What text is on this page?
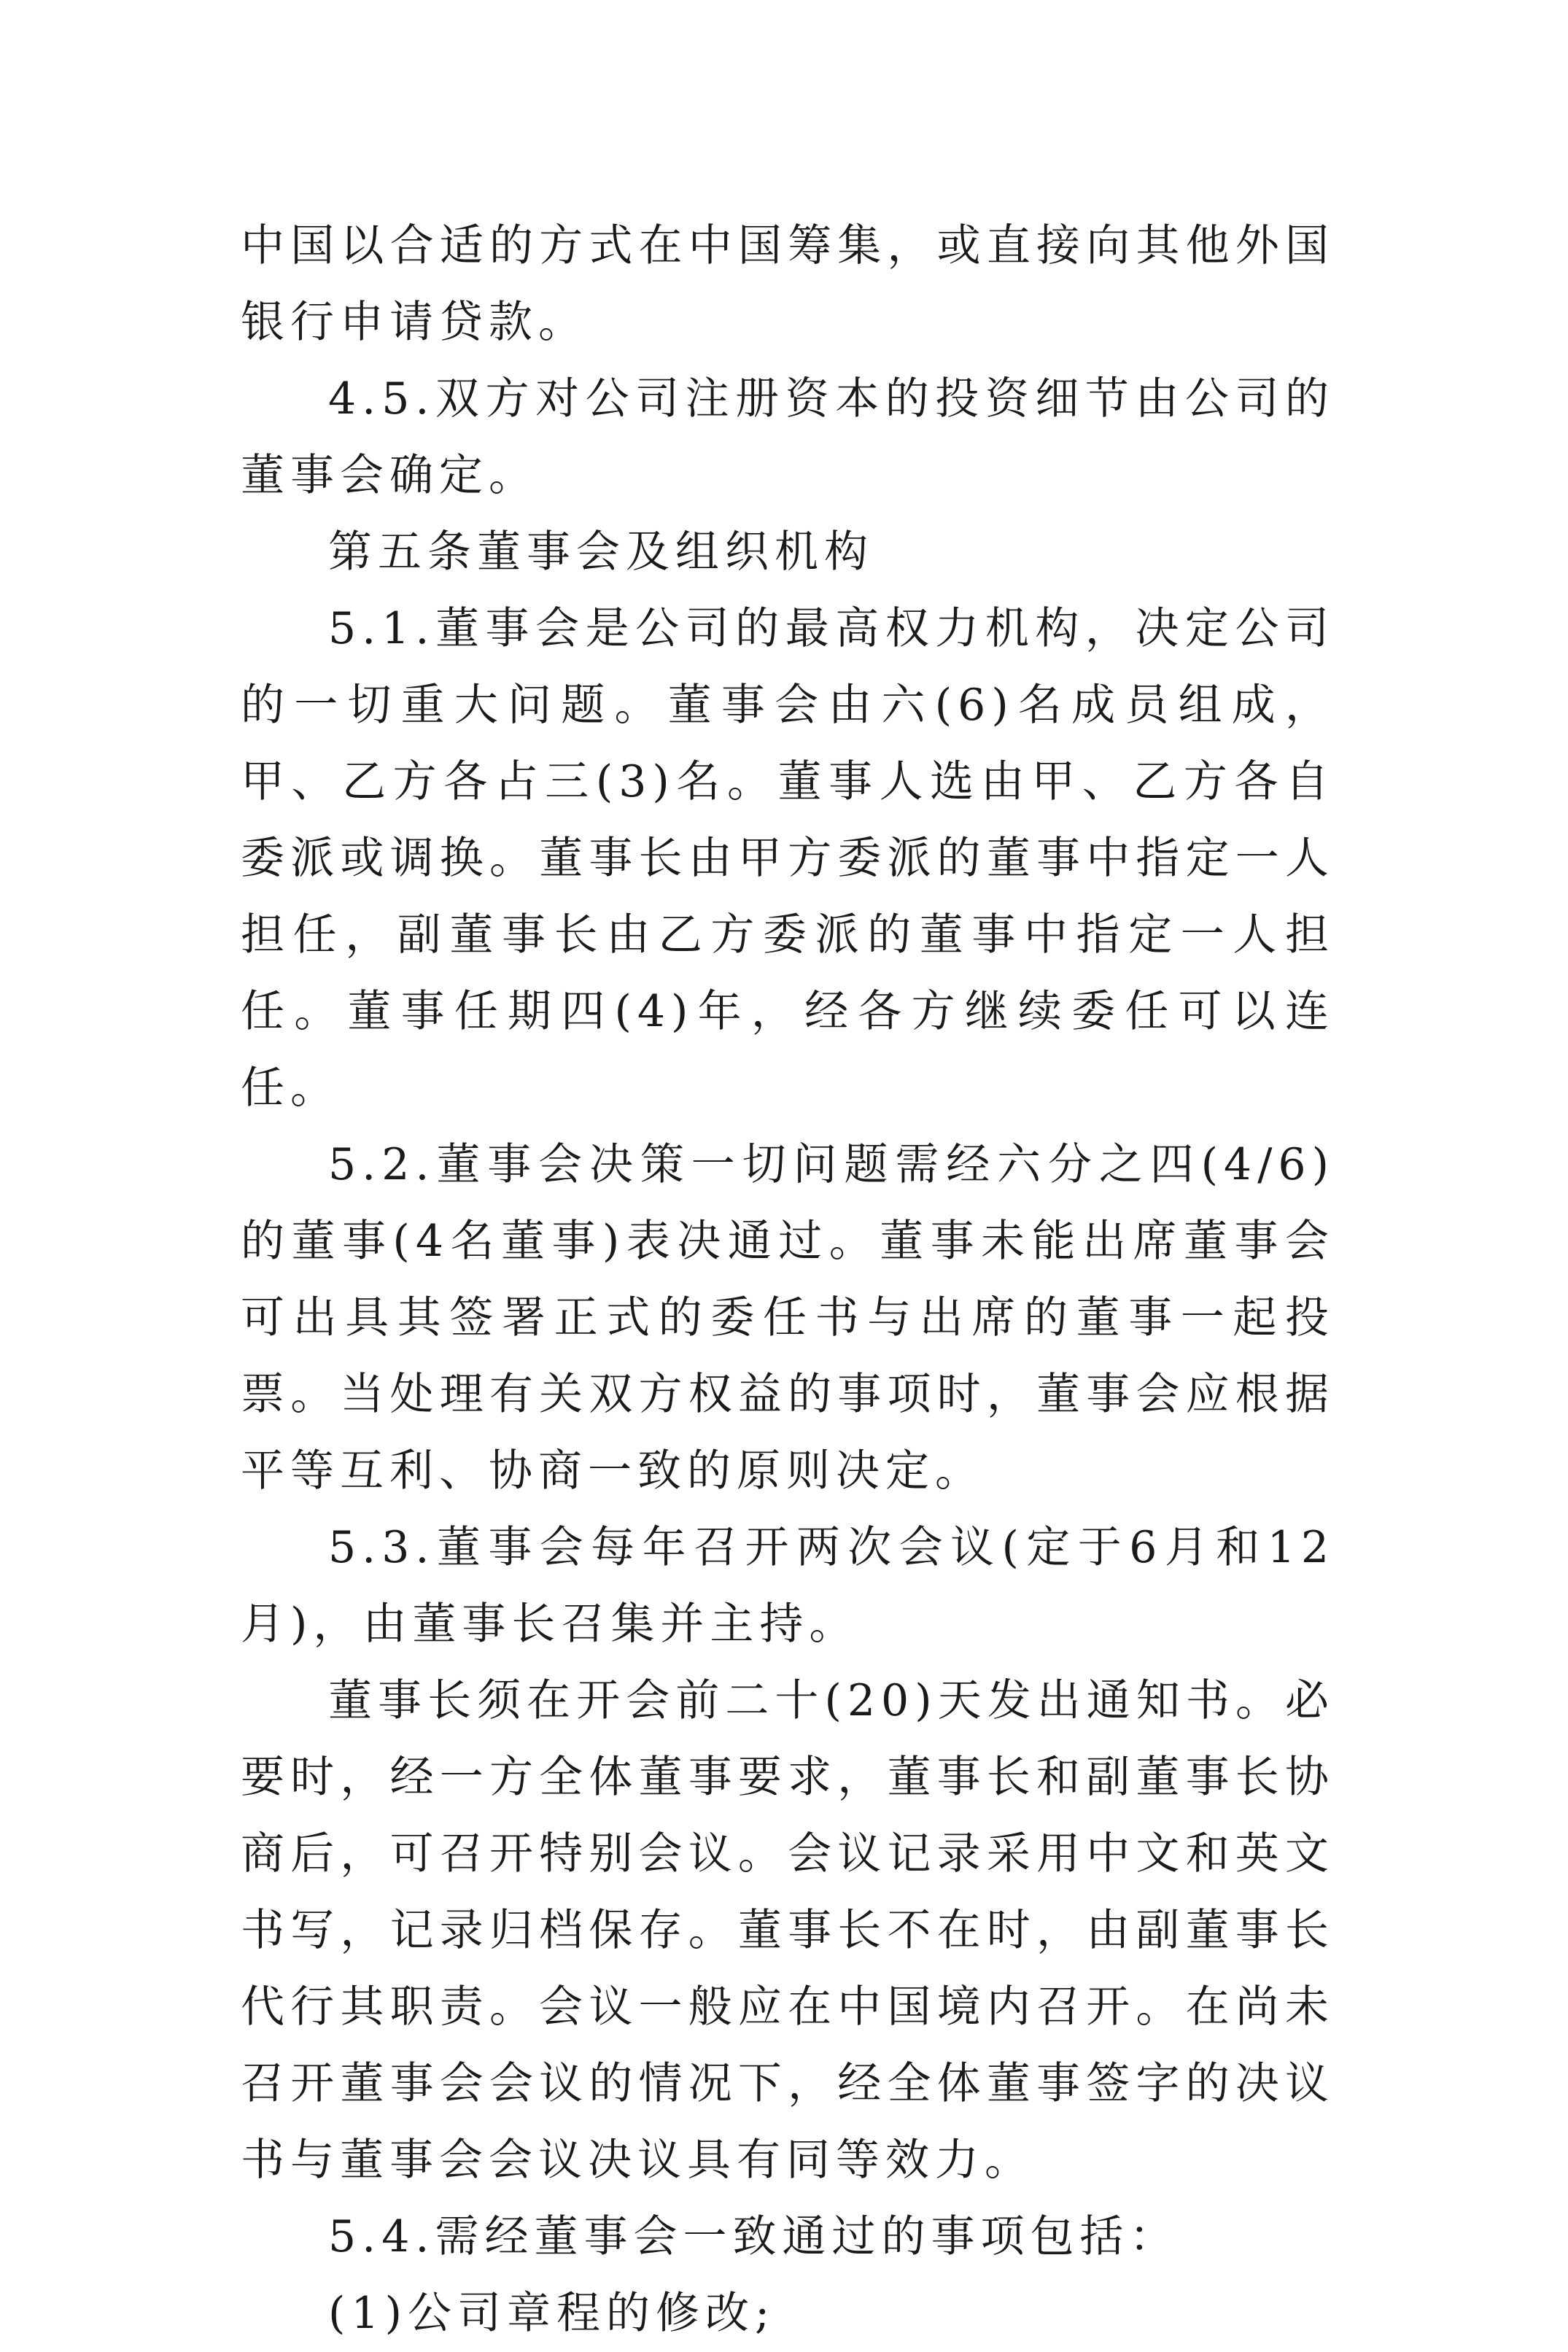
中国以合适的方式在中国筹集，或直接向其他外国银行申请贷款。

4.5.双方对公司注册资本的投资细节由公司的董事会确定。

第五条董事会及组织机构

5.1.董事会是公司的最高权力机构，决定公司的一切重大问题。董事会由六(6)名成员组成，甲、乙方各占三(3)名。董事人选由甲、乙方各自委派或调换。董事长由甲方委派的董事中指定一人担任，副董事长由乙方委派的董事中指定一人担任。董事任期四(4)年，经各方继续委任可以连任。

5.2.董事会决策一切问题需经六分之四(4/6)的董事(4名董事)表决通过。董事未能出席董事会可出具其签署正式的委任书与出席的董事一起投票。当处理有关双方权益的事项时，董事会应根据平等互利、协商一致的原则决定。

5.3.董事会每年召开两次会议(定于6月和12月)，由董事长召集并主持。

董事长须在开会前二十(20)天发出通知书。必要时，经一方全体董事要求，董事长和副董事长协商后，可召开特别会议。会议记录采用中文和英文书写，记录归档保存。董事长不在时，由副董事长代行其职责。会议一般应在中国境内召开。在尚未召开董事会会议的情况下，经全体董事签字的决议书与董事会会议决议具有同等效力。

5.4.需经董事会一致通过的事项包括：

(1)公司章程的修改;
